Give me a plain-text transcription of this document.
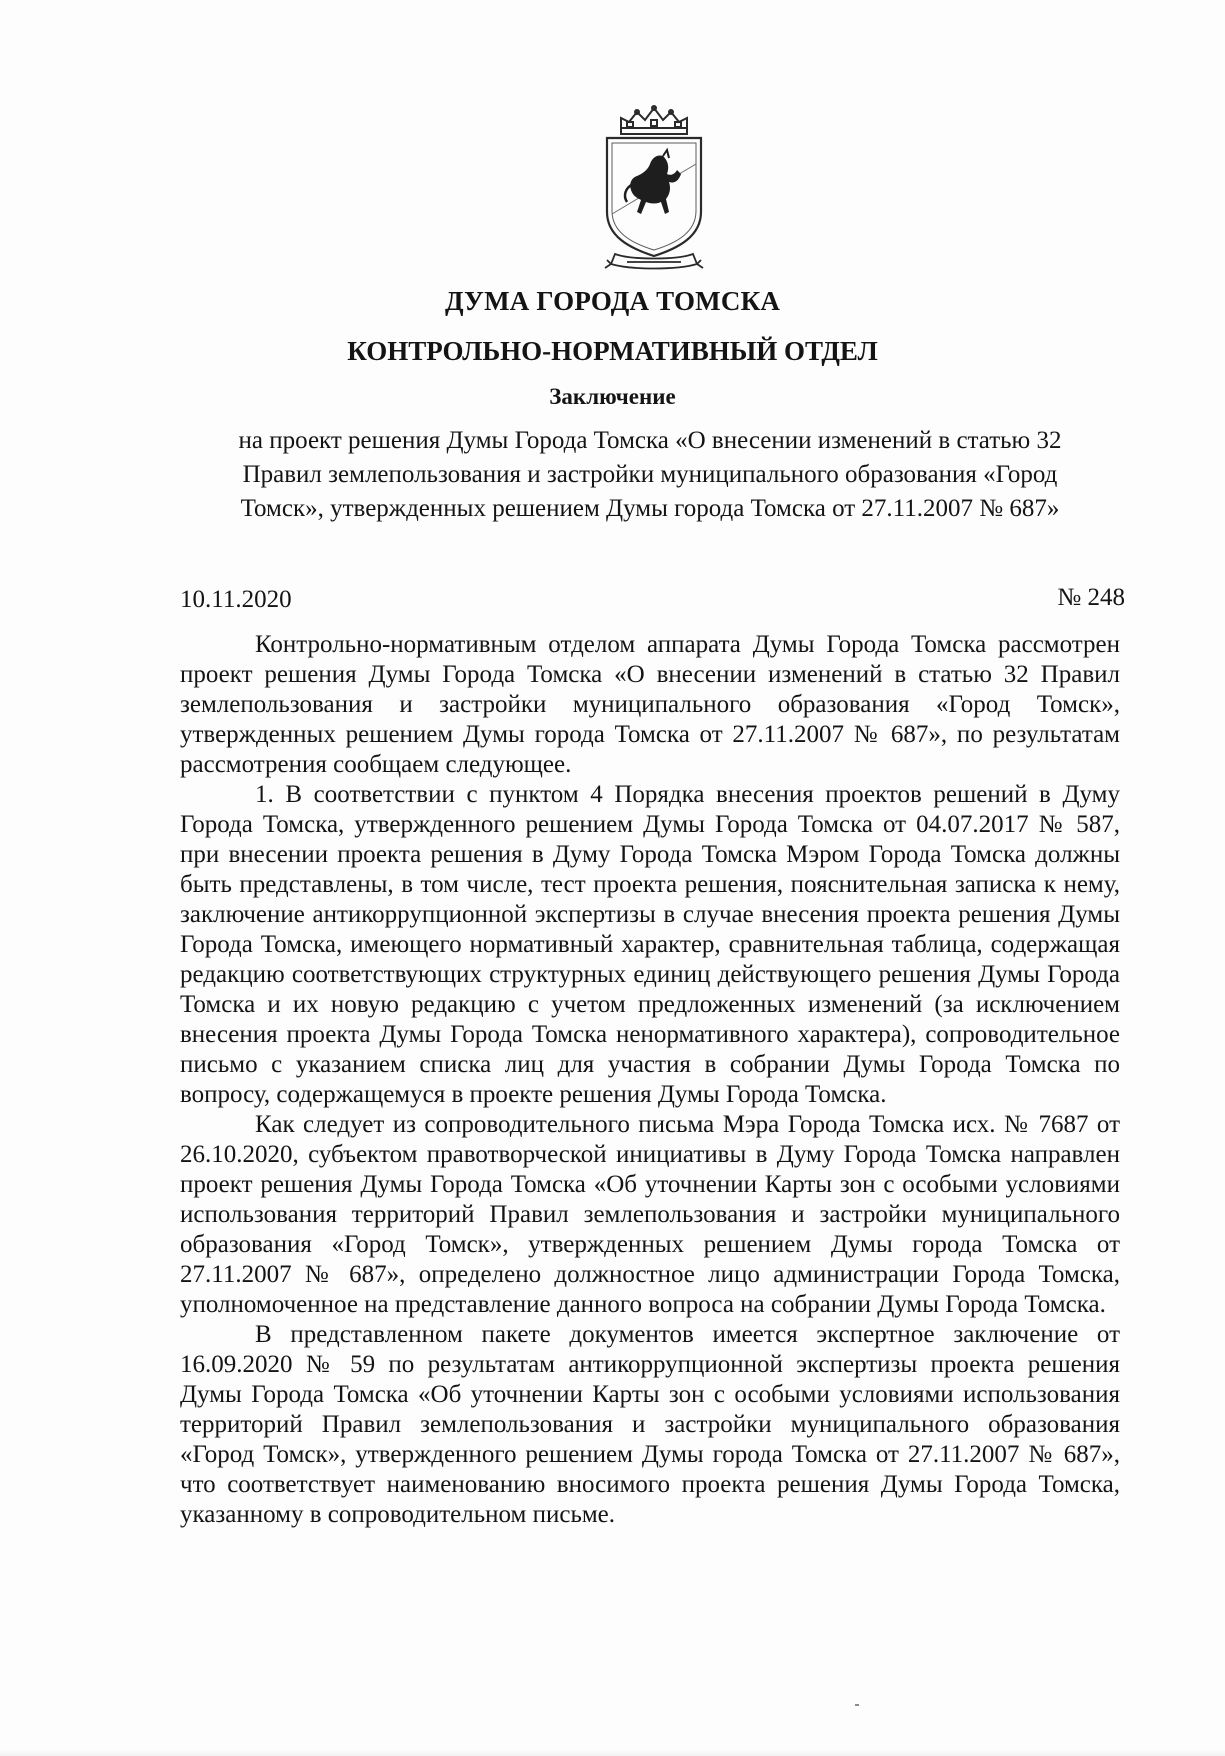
ДУМА ГОРОДА ТОМСКА
КОНТРОЛЬНО-НОРМАТИВНЫЙ ОТДЕЛ
Заключение
на проект решения Думы Города Томска «О внесении изменений в статью 32
Правил землепользования и застройки муниципального образования «Город
Томск», утвержденных решением Думы города Томска от 27.11.2007 № 687»
10.11.2020	№ 248

Контрольно-нормативным отделом аппарата Думы Города Томска рассмотрен проект решения Думы Города Томска «О внесении изменений в статью 32 Правил землепользования и застройки муниципального образования «Город Томск», утвержденных решением Думы города Томска от 27.11.2007 № 687», по результатам рассмотрения сообщаем следующее.

1. В соответствии с пунктом 4 Порядка внесения проектов решений в Думу Города Томска, утвержденного решением Думы Города Томска от 04.07.2017 № 587, при внесении проекта решения в Думу Города Томска Мэром Города Томска должны быть представлены, в том числе, тест проекта решения, пояснительная записка к нему, заключение антикоррупционной экспертизы в случае внесения проекта решения Думы Города Томска, имеющего нормативный характер, сравнительная таблица, содержащая редакцию соответствующих структурных единиц действующего решения Думы Города Томска и их новую редакцию с учетом предложенных изменений (за исключением внесения проекта Думы Города Томска ненормативного характера), сопроводительное письмо с указанием списка лиц для участия в собрании Думы Города Томска по вопросу, содержащемуся в проекте решения Думы Города Томска.

Как следует из сопроводительного письма Мэра Города Томска исх. № 7687 от 26.10.2020, субъектом правотворческой инициативы в Думу Города Томска направлен проект решения Думы Города Томска «Об уточнении Карты зон с особыми условиями использования территорий Правил землепользования и застройки муниципального образования «Город Томск», утвержденных решением Думы города Томска от 27.11.2007 № 687», определено должностное лицо администрации Города Томска, уполномоченное на представление данного вопроса на собрании Думы Города Томска.

В представленном пакете документов имеется экспертное заключение от 16.09.2020 № 59 по результатам антикоррупционной экспертизы проекта решения Думы Города Томска «Об уточнении Карты зон с особыми условиями использования территорий Правил землепользования и застройки муниципального образования «Город Томск», утвержденного решением Думы города Томска от 27.11.2007 № 687», что соответствует наименованию вносимого проекта решения Думы Города Томска, указанному в сопроводительном письме.
